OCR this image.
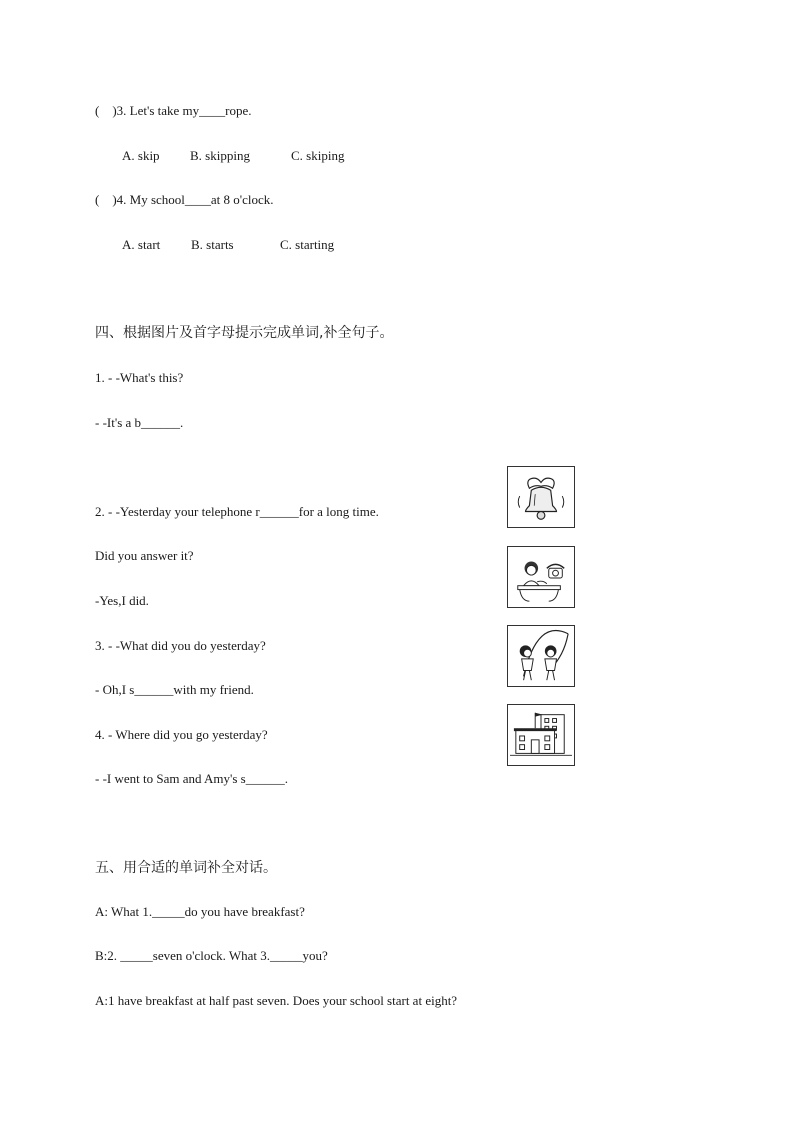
(    )3. Let's take my____rope.
A. skip B. skipping	C. skiping
(    )4. My school____at 8 o'clock.
A. start B. starts	C. starting
四、根据图片及首字母提示完成单词,补全句子。
1. - -What's this?
- -It's a b______.
2. - -Yesterday your telephone r______for a long time.
Did you answer it?
-Yes,I did.
3. - -What did you do yesterday?
- Oh,I s______with my friend.
4. - Where did you go yesterday?
- -I went to Sam and Amy's s______.
五、用合适的单词补全对话。
A: What 1._____do you have breakfast?
B:2. _____seven o'clock. What 3._____you?
A:1 have breakfast at half past seven. Does your school start at eight?
